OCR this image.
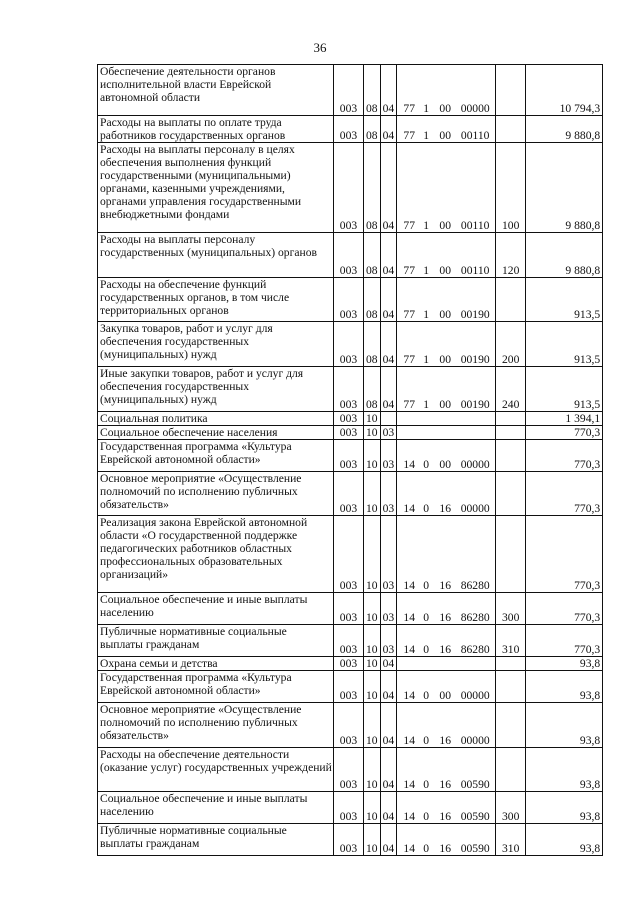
36
Обеспечение деятельности органов исполнительной власти Еврейской автономной области	003	08	04	77 1 00 00000		10 794,3
Расходы на выплаты по оплате труда работников государственных органов	003	08	04	77 1 00 00110		9 880,8
Расходы на выплаты персоналу в целях обеспечения выполнения функций государственными (муниципальными) органами, казенными учреждениями, органами управления государственными внебюджетными фондами	003	08	04	77 1 00 00110	100	9 880,8
Расходы на выплаты персоналу государственных (муниципальных) органов	003	08	04	77 1 00 00110	120	9 880,8
Расходы на обеспечение функций государственных органов, в том числе территориальных органов	003	08	04	77 1 00 00190		913,5
Закупка товаров, работ и услуг для обеспечения государственных (муниципальных) нужд	003	08	04	77 1 00 00190	200	913,5
Иные закупки товаров, работ и услуг для обеспечения государственных (муниципальных) нужд	003	08	04	77 1 00 00190	240	913,5
Социальная политика	003	10				1 394,1
Социальное обеспечение населения	003	10	03			770,3
Государственная программа «Культура Еврейской автономной области»	003	10	03	14 0 00 00000		770,3
Основное мероприятие «Осуществление полномочий по исполнению публичных обязательств»	003	10	03	14 0 16 00000		770,3
Реализация закона Еврейской автономной области «О государственной поддержке педагогических работников областных профессиональных образовательных организаций»	003	10	03	14 0 16 86280		770,3
Социальное обеспечение и иные выплаты населению	003	10	03	14 0 16 86280	300	770,3
Публичные нормативные социальные выплаты гражданам	003	10	03	14 0 16 86280	310	770,3
Охрана семьи и детства	003	10	04			93,8
Государственная программа «Культура Еврейской автономной области»	003	10	04	14 0 00 00000		93,8
Основное мероприятие «Осуществление полномочий по исполнению публичных обязательств»	003	10	04	14 0 16 00000		93,8
Расходы на обеспечение деятельности (оказание услуг) государственных учреждений	003	10	04	14 0 16 00590		93,8
Социальное обеспечение и иные выплаты населению	003	10	04	14 0 16 00590	300	93,8
Публичные нормативные социальные выплаты гражданам	003	10	04	14 0 16 00590	310	93,8
